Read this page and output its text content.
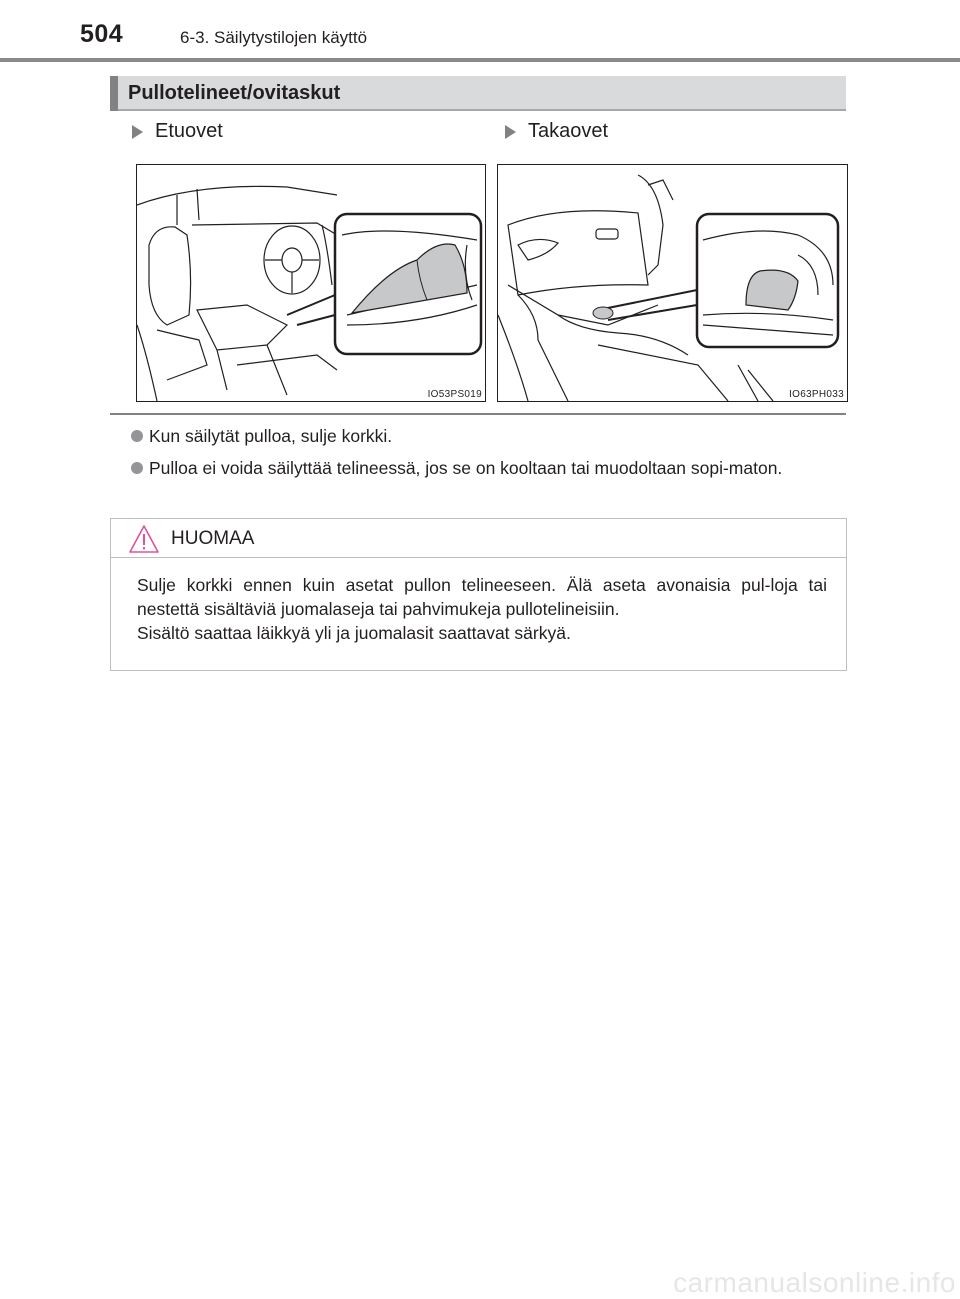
504	6-3. Säilytystilojen käyttö
Pullotelineet/ovitaskut
Etuovet	Takaovet
IO53PS019	IO63PH033
Kun säilytät pulloa, sulje korkki.
Pulloa ei voida säilyttää telineessä, jos se on kooltaan tai muodoltaan sopi-maton.
HUOMAA
Sulje korkki ennen kuin asetat pullon telineeseen. Älä aseta avonaisia pul-loja tai nestettä sisältäviä juomalaseja tai pahvimukeja pullotelineisiin.
Sisältö saattaa läikkyä yli ja juomalasit saattavat särkyä.
carmanualsonline.info
